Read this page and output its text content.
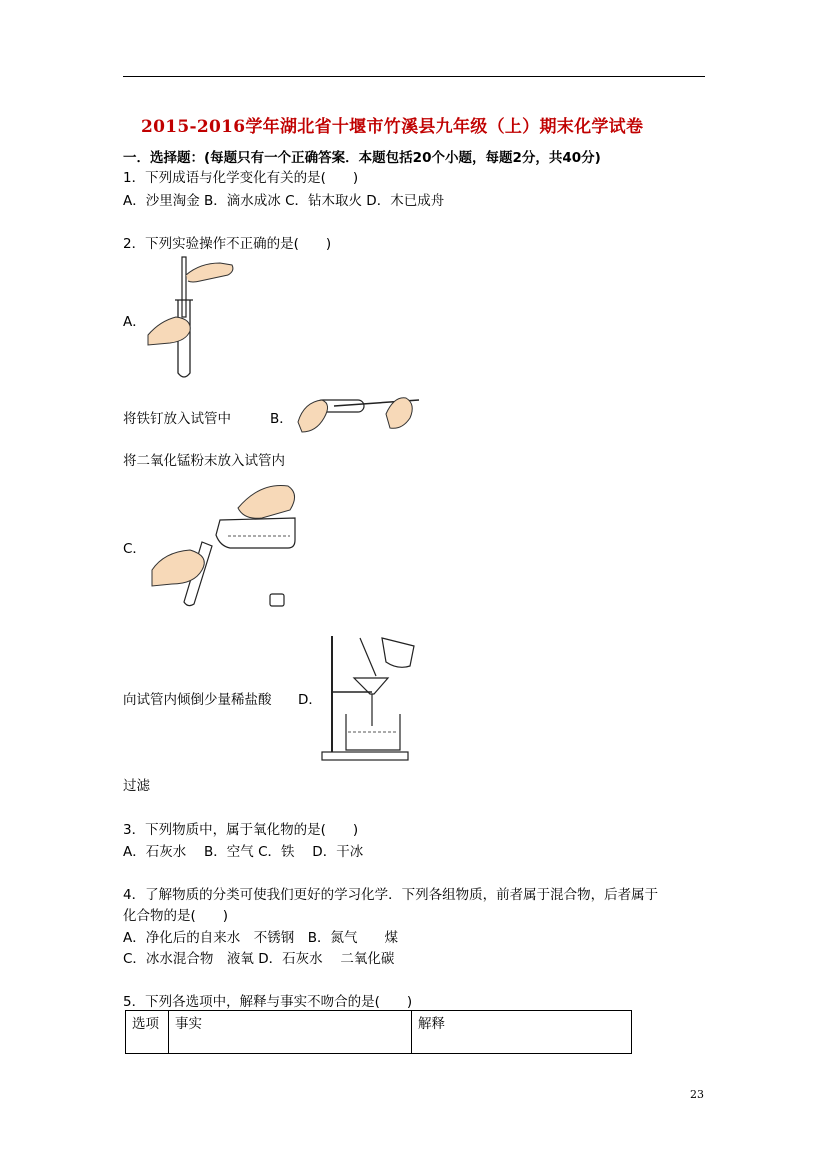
2015-2016学年湖北省十堰市竹溪县九年级（上）期末化学试卷
一．选择题：(每题只有一个正确答案．本题包括20个小题，每题2分，共40分)
1．下列成语与化学变化有关的是(　　)
A．沙里淘金 B．滴水成冰 C．钻木取火 D．木已成舟
2．下列实验操作不正确的是(　　)
A．
将铁钉放入试管中	B．
将二氧化锰粉末放入试管内
C．
向试管内倾倒少量稀盐酸 D．
过滤
3．下列物质中，属于氧化物的是(　　)
A．石灰水　 B．空气 C．铁　 D．干冰
4．了解物质的分类可使我们更好的学习化学．下列各组物质，前者属于混合物，后者属于
化合物的是(　　)
A．净化后的自来水　不锈钢　B．氮气　　煤
C．冰水混合物　液氧 D．石灰水　 二氧化碳
5．下列各选项中，解释与事实不吻合的是(　　)
选项	事实	解释
23
